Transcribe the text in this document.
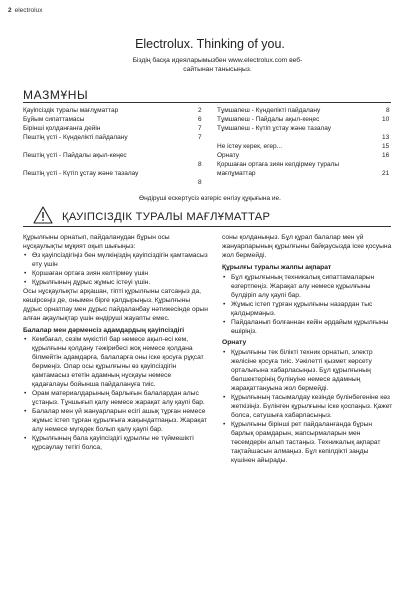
2 electrolux
Electrolux. Thinking of you.
Біздің басқа идеяларымызбен www.electrolux.com веб-сайтынан танысыңыз.
МАЗМҰНЫ
Қауіпсіздік туралы мағлұматтар	2
Бұйым сипаттамасы	6
Бірінші қолданғанға дейін	7
Пештің үсті - Күнделікті пайдалану	7
Пештің үсті - Пайдалы ақыл-кеңес
8
Пештің үсті - Күтіп ұстау және тазалау
8
Тұмшапеш - Күнделікті пайдалану	8
Тұмшапеш - Пайдалы ақыл-кеңес	10
Тұмшапеш - Күтіп ұстау және тазалау
13
Не істеу керек, егер...	15
Орнату	16
Қоршаған ортаға зиян келдірмеу туралы мағлұматтар	21
Өндіруші ескертусіз өзгеріс енгізу құқығына ие.
ҚАУІПСІЗДІК ТУРАЛЫ МАҒЛҰМАТТАР

Құрылғыны орнатып, пайдаланудан бұрын осы нұсқаулықты мұқият оқып шығыңыз:

• Өз қауіпсіздігіңіз бен мүлкіңіздің қауіпсіздігін қамтамасыз ету үшін
• Қоршаған ортаға зиян келтірмеу үшін
• Құрылғының дұрыс жұмыс істеуі үшін.

Осы нұсқаулықты арқашан, тіпті құрылғыны сатсаңыз да, көшірсеңіз де, онымен бірге қалдырыңыз. Құрылғыны дұрыс орнатпау мен дұрыс пайдаланбау нәтижесінде орын алған ақаулықтар үшін өндіруші жауапты емес.

Балалар мен дәрменсіз адамдардың қауіпсіздігі
• Кембағал, сезім мүкістігі бар немесе ақыл-есі кем, құрылғыны қолдану тәжірибесі жоқ немесе қолдана білмейтін адамдарға, балаларға оны іске қосуға рұқсат бермеңіз. Олар осы құрылғыны өз қауіпсіздігін қамтамасыз ететін адамның нұсқауы немесе қадағалауы бойынша пайдалануға тиіс.
• Орам материалдарының барлығын балалардан алыс ұстаңыз. Тұншығып қалу немесе жарақат алу қаупі бар.
• Балалар мен үй жануарларын есігі ашық тұрған немесе жұмыс істеп тұрған құрылғыға жақындатпаңыз. Жарақат алу немесе мүгедек болып қалу қаупі бар.
• Құрылғының бала қауіпсіздігі құрылғы не түймешікті құрсаулау тетігі болса,

соны қолданыңыз. Бұл құрал балалар мен үй жануарларының құрылғыны байқаусызда іске қосуына жол бермейді.

Құрылғы туралы жалпы ақпарат
• Бұл құрылғының техникалық сипаттамаларын өзгертпеңіз. Жарақат алу немесе құрылғыны бүлдіріп алу қаупі бар.
• Жұмыс істеп тұрған құрылғыны назардан тыс қалдырмаңыз.
• Пайдаланып болғаннан кейін әрдайым құрылғыны өшіріңіз.
Орнату
• Құрылғыны тек білікті техник орнатып, электр желісіне қосуға тиіс. Уәкілетті қызмет көрсету орталығына хабарласыңыз. Бұл құрылғының бөлшектерінің бүлінуіне немесе адамның жарақаттануына жол бермейді.
• Құрылғының тасымалдау кезінде бүлінбегеніне көз жеткізіңіз. Бүлінген құрылғыны іске қоспаңыз. Қажет болса, сатушыға хабарласыңыз.
• Құрылғыны бірінші рет пайдаланғанда бұрын барлық орамдарын, жапсырмаларын мен төсемдерін алып тастаңыз. Техникалық ақпарат тақтайшасын алмаңыз. Бұл кепілдікті заңды күшінен айырады.
